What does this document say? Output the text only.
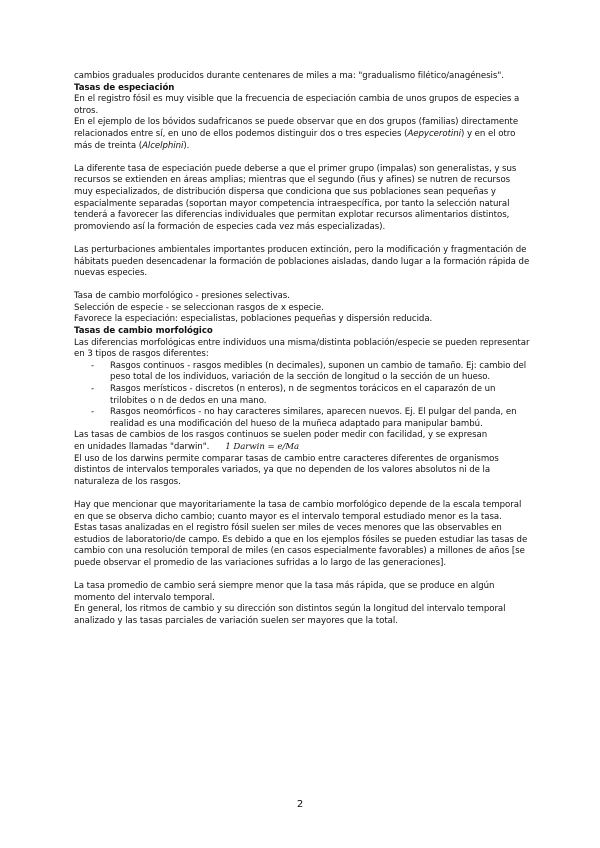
cambios graduales producidos durante centenares de miles a ma: "gradualismo filético/anagénesis".

Tasas de especiación

En el registro fósil es muy visible que la frecuencia de especiación cambia de unos grupos de especies a otros.

En el ejemplo de los bóvidos sudafricanos se puede observar que en dos grupos (familias) directamente relacionados entre sí, en uno de ellos podemos distinguir dos o tres especies (Aepycerotini) y en el otro más de treinta (Alcelphini).

La diferente tasa de especiación puede deberse a que el primer grupo (impalas) son generalistas, y sus recursos se extienden en áreas amplias; mientras que el segundo (ñus y afines) se nutren de recursos muy especializados, de distribución dispersa que condiciona que sus poblaciones sean pequeñas y espacialmente separadas (soportan mayor competencia intraespecífica, por tanto la selección natural tenderá a favorecer las diferencias individuales que permitan explotar recursos alimentarios distintos, promoviendo así la formación de especies cada vez más especializadas).

Las perturbaciones ambientales importantes producen extinción, pero la modificación y fragmentación de hábitats pueden desencadenar la formación de poblaciones aisladas, dando lugar a la formación rápida de nuevas especies.

Tasa de cambio morfológico - presiones selectivas.

Selección de especie - se seleccionan rasgos de x especie.

Favorece la especiación: especialistas, poblaciones pequeñas y dispersión reducida.

Tasas de cambio morfológico

Las diferencias morfológicas entre individuos una misma/distinta población/especie se pueden representar en 3 tipos de rasgos diferentes:

- Rasgos continuos - rasgos medibles (n decimales), suponen un cambio de tamaño. Ej: cambio del peso total de los individuos, variación de la sección de longitud o la sección de un hueso.
- Rasgos merísticos - discretos (n enteros), n de segmentos torácicos en el caparazón de un trilobites o n de dedos en una mano.
- Rasgos neomórficos - no hay caracteres similares, aparecen nuevos. Ej. El pulgar del panda, en realidad es una modificación del hueso de la muñeca adaptado para manipular bambú.

Las tasas de cambios de los rasgos continuos se suelen poder medir con facilidad, y se expresan

en unidades llamadas "darwin". 1 Darwin = e/Ma

El uso de los darwins permite comparar tasas de cambio entre caracteres diferentes de organismos distintos de intervalos temporales variados, ya que no dependen de los valores absolutos ni de la naturaleza de los rasgos.

Hay que mencionar que mayoritariamente la tasa de cambio morfológico depende de la escala temporal en que se observa dicho cambio; cuanto mayor es el intervalo temporal estudiado menor es la tasa.

Estas tasas analizadas en el registro fósil suelen ser miles de veces menores que las observables en estudios de laboratorio/de campo. Es debido a que en los ejemplos fósiles se pueden estudiar las tasas de cambio con una resolución temporal de miles (en casos especialmente favorables) a millones de años [se puede observar el promedio de las variaciones sufridas a lo largo de las generaciones].

La tasa promedio de cambio será siempre menor que la tasa más rápida, que se produce en algún momento del intervalo temporal.

En general, los ritmos de cambio y su dirección son distintos según la longitud del intervalo temporal analizado y las tasas parciales de variación suelen ser mayores que la total.

2
